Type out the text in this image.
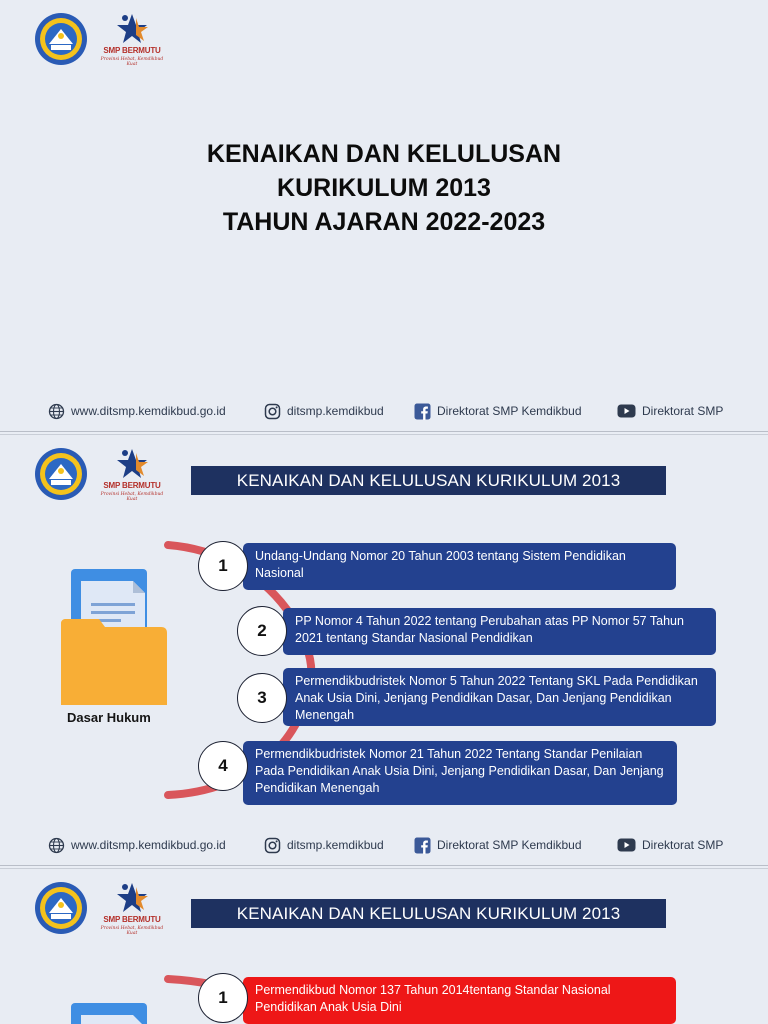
SMP BERMUTU
Provinsi Hebat, Kemdikbud Kuat
KENAIKAN DAN KELULUSAN
KURIKULUM 2013
TAHUN AJARAN 2022-2023
www.ditsmp.kemdikbud.go.id	ditsmp.kemdikbud	Direktorat SMP Kemdikbud	Direktorat SMP
SMP BERMUTU
Provinsi Hebat, Kemdikbud Kuat
KENAIKAN DAN KELULUSAN KURIKULUM 2013
Dasar Hukum
Undang-Undang Nomor 20 Tahun 2003 tentang Sistem Pendidikan Nasional
1
PP Nomor 4 Tahun 2022 tentang Perubahan atas PP Nomor 57 Tahun 2021 tentang Standar Nasional Pendidikan
2
Permendikbudristek Nomor 5 Tahun 2022 Tentang SKL Pada Pendidikan Anak Usia Dini, Jenjang Pendidikan Dasar, Dan Jenjang Pendidikan Menengah
3
Permendikbudristek Nomor 21 Tahun 2022 Tentang Standar Penilaian Pada Pendidikan Anak Usia Dini, Jenjang Pendidikan Dasar, Dan Jenjang Pendidikan Menengah
4
www.ditsmp.kemdikbud.go.id	ditsmp.kemdikbud	Direktorat SMP Kemdikbud	Direktorat SMP
SMP BERMUTU
Provinsi Hebat, Kemdikbud Kuat
KENAIKAN DAN KELULUSAN KURIKULUM 2013
Permendikbud Nomor 137 Tahun 2014tentang Standar Nasional Pendidikan Anak Usia Dini
1
